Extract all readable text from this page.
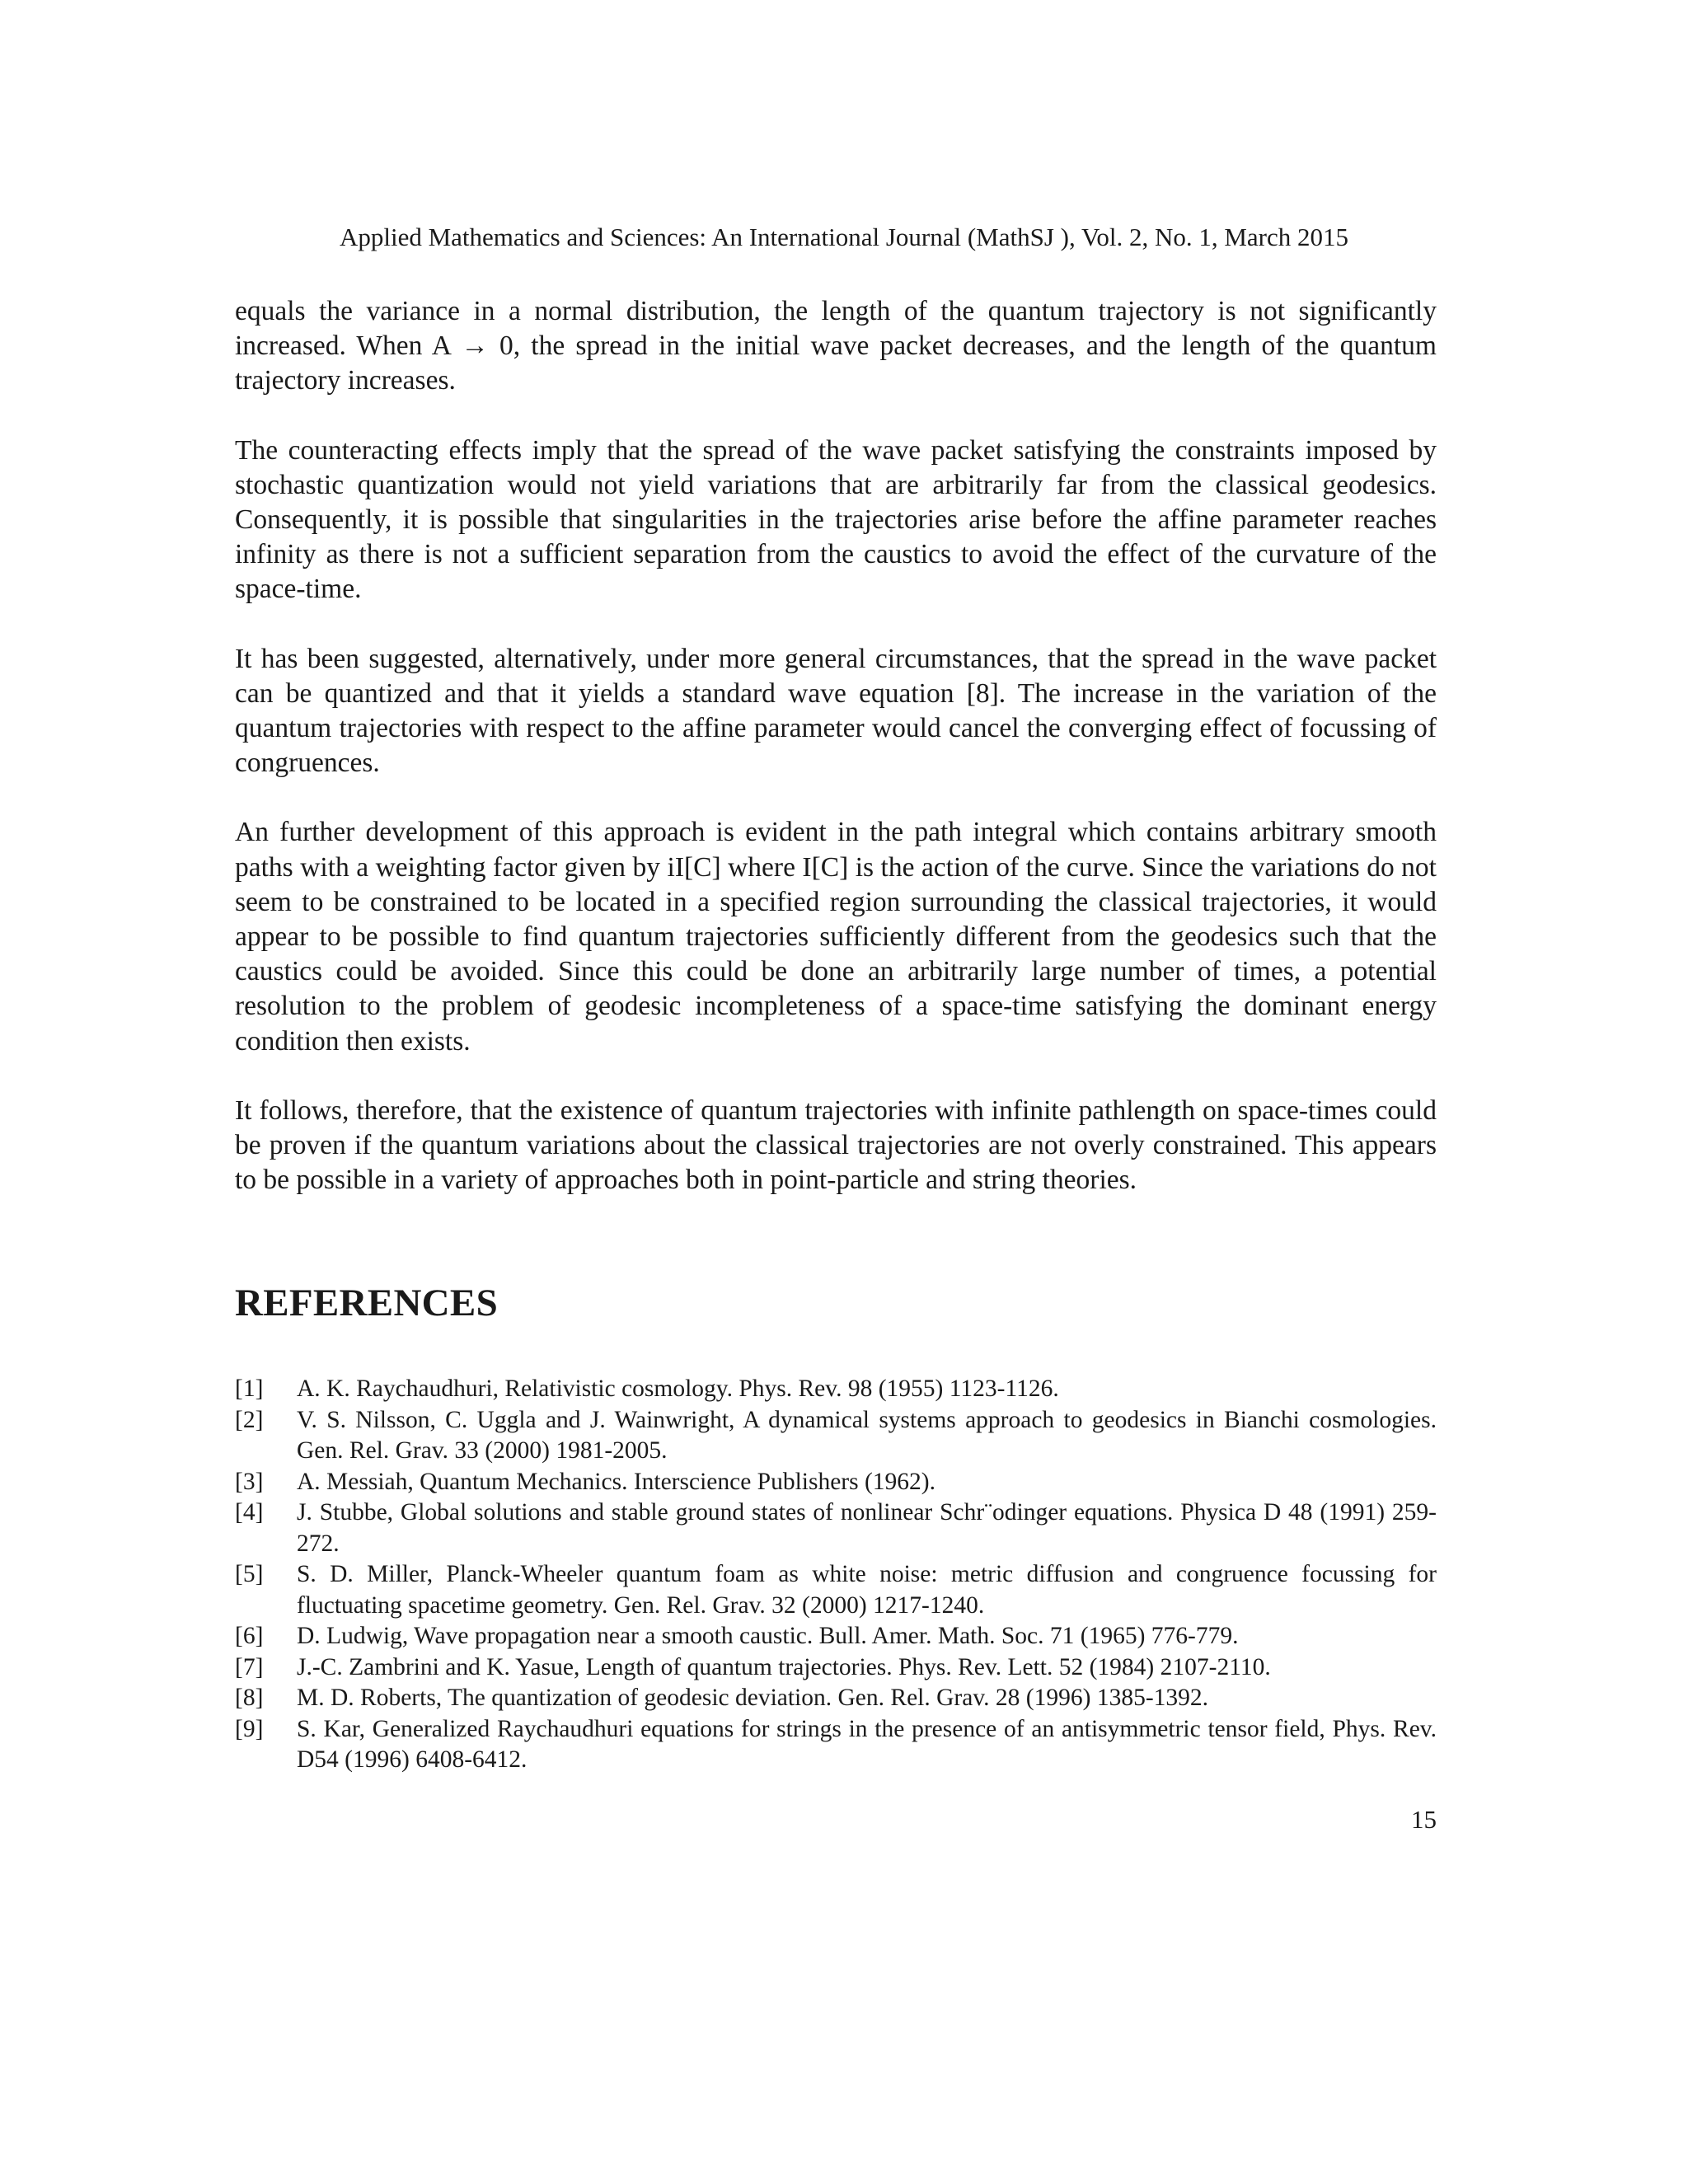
Applied Mathematics and Sciences: An International Journal (MathSJ ), Vol. 2, No. 1, March 2015

equals the variance in a normal distribution, the length of the quantum trajectory is not significantly increased. When A → 0, the spread in the initial wave packet decreases, and the length of the quantum trajectory increases.

The counteracting effects imply that the spread of the wave packet satisfying the constraints imposed by stochastic quantization would not yield variations that are arbitrarily far from the classical geodesics. Consequently, it is possible that singularities in the trajectories arise before the affine parameter reaches infinity as there is not a sufficient separation from the caustics to avoid the effect of the curvature of the space-time.

It has been suggested, alternatively, under more general circumstances, that the spread in the wave packet can be quantized and that it yields a standard wave equation [8]. The increase in the variation of the quantum trajectories with respect to the affine parameter would cancel the converging effect of focussing of congruences.

An further development of this approach is evident in the path integral which contains arbitrary smooth paths with a weighting factor given by iI[C] where I[C] is the action of the curve. Since the variations do not seem to be constrained to be located in a specified region surrounding the classical trajectories, it would appear to be possible to find quantum trajectories sufficiently different from the geodesics such that the caustics could be avoided. Since this could be done an arbitrarily large number of times, a potential resolution to the problem of geodesic incompleteness of a space-time satisfying the dominant energy condition then exists.

It follows, therefore, that the existence of quantum trajectories with infinite pathlength on space-times could be proven if the quantum variations about the classical trajectories are not overly constrained. This appears to be possible in a variety of approaches both in point-particle and string theories.

REFERENCES
[1]	A. K. Raychaudhuri, Relativistic cosmology. Phys. Rev. 98 (1955) 1123-1126.
[2]	V. S. Nilsson, C. Uggla and J. Wainwright, A dynamical systems approach to geodesics in Bianchi cosmologies. Gen. Rel. Grav. 33 (2000) 1981-2005.
[3]	A. Messiah, Quantum Mechanics. Interscience Publishers (1962).
[4]	J. Stubbe, Global solutions and stable ground states of nonlinear Schr¨odinger equations. Physica D 48 (1991) 259-272.
[5]	S. D. Miller, Planck-Wheeler quantum foam as white noise: metric diffusion and congruence focussing for fluctuating spacetime geometry. Gen. Rel. Grav. 32 (2000) 1217-1240.
[6]	D. Ludwig, Wave propagation near a smooth caustic. Bull. Amer. Math. Soc. 71 (1965) 776-779.
[7]	J.-C. Zambrini and K. Yasue, Length of quantum trajectories. Phys. Rev. Lett. 52 (1984) 2107-2110.
[8]	M. D. Roberts, The quantization of geodesic deviation. Gen. Rel. Grav. 28 (1996) 1385-1392.
[9]	S. Kar, Generalized Raychaudhuri equations for strings in the presence of an antisymmetric tensor field, Phys. Rev. D54 (1996) 6408-6412.
15
